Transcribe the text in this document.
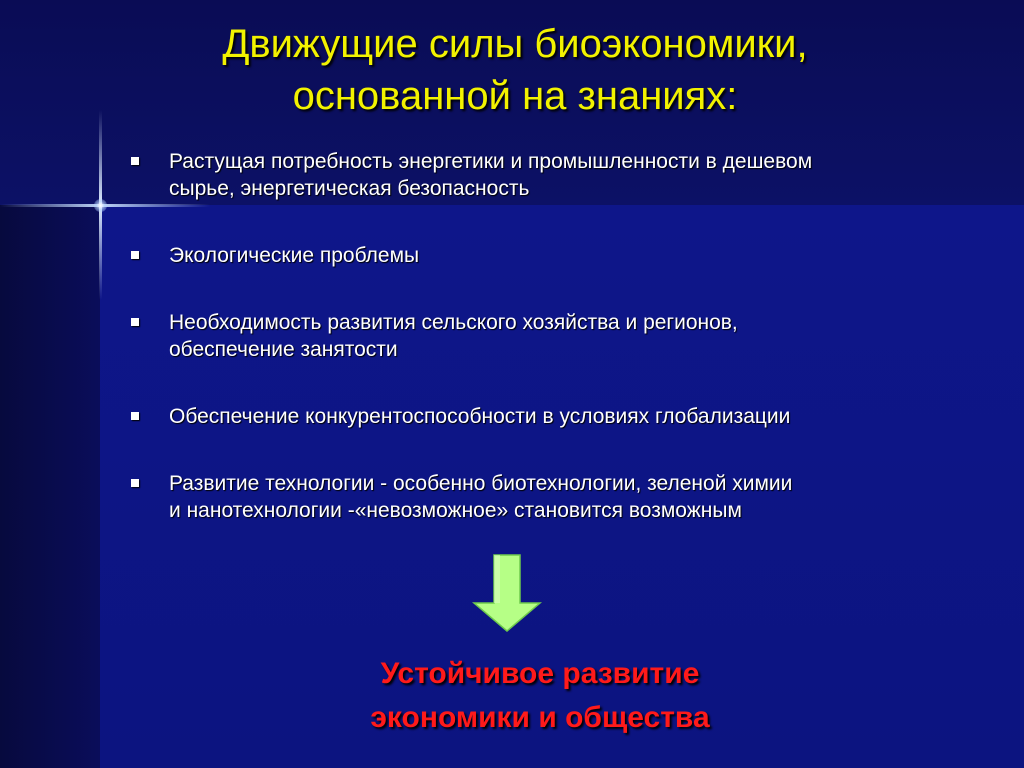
Движущие силы биоэкономики,
основанной на знаниях:
Растущая потребность энергетики и промышленности в дешевом
сырье, энергетическая безопасность
Экологические проблемы
Необходимость развития сельского хозяйства и регионов,
обеспечение занятости
Обеспечение конкурентоспособности в условиях глобализации
Развитие технологии - особенно биотехнологии, зеленой химии
и нанотехнологии -«невозможное» становится возможным
Устойчивое развитие
экономики и общества
